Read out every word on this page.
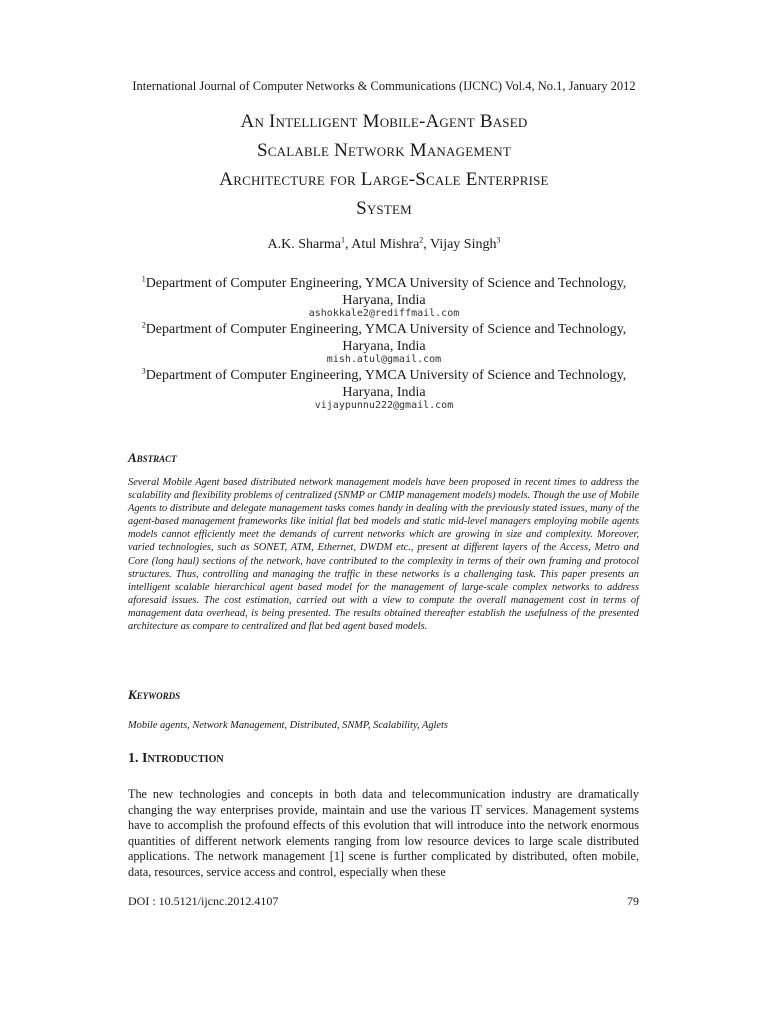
International Journal of Computer Networks & Communications (IJCNC) Vol.4, No.1, January 2012
An Intelligent Mobile-Agent Based
Scalable Network Management
Architecture for Large-Scale Enterprise
System
A.K. Sharma$^1$, Atul Mishra$^2$, Vijay Singh$^3$
$^1$Department of Computer Engineering, YMCA University of Science and Technology,
Haryana, India
ashokkale2@rediffmail.com
$^2$Department of Computer Engineering, YMCA University of Science and Technology,
Haryana, India
mish.atul@gmail.com
$^3$Department of Computer Engineering, YMCA University of Science and Technology,
Haryana, India
vijaypunnu222@gmail.com
Abstract
Several Mobile Agent based distributed network management models have been proposed in recent times to address the scalability and flexibility problems of centralized (SNMP or CMIP management models) models. Though the use of Mobile Agents to distribute and delegate management tasks comes handy in dealing with the previously stated issues, many of the agent-based management frameworks like initial flat bed models and static mid-level managers employing mobile agents models cannot efficiently meet the demands of current networks which are growing in size and complexity. Moreover, varied technologies, such as SONET, ATM, Ethernet, DWDM etc., present at different layers of the Access, Metro and Core (long haul) sections of the network, have contributed to the complexity in terms of their own framing and protocol structures. Thus, controlling and managing the traffic in these networks is a challenging task. This paper presents an intelligent scalable hierarchical agent based model for the management of large-scale complex networks to address aforesaid issues. The cost estimation, carried out with a view to compute the overall management cost in terms of management data overhead, is being presented. The results obtained thereafter establish the usefulness of the presented architecture as compare to centralized and flat bed agent based models.
Keywords
Mobile agents, Network Management, Distributed, SNMP, Scalability, Aglets
1. Introduction
The new technologies and concepts in both data and telecommunication industry are dramatically changing the way enterprises provide, maintain and use the various IT services. Management systems have to accomplish the profound effects of this evolution that will introduce into the network enormous quantities of different network elements ranging from low resource devices to large scale distributed applications. The network management [1] scene is further complicated by distributed, often mobile, data, resources, service access and control, especially when these
DOI : 10.5121/ijcnc.2012.4107	79
